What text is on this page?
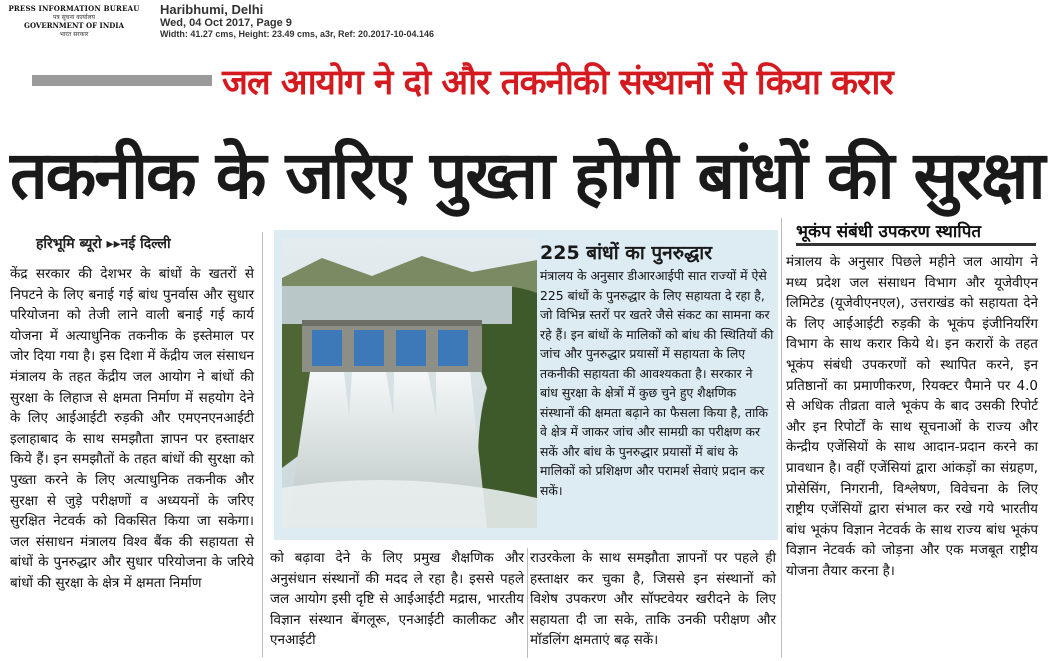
PRESS INFORMATION BUREAU
पत्र सूचना कार्यालय
GOVERNMENT OF INDIA
भारत सरकार
Haribhumi, Delhi
Wed, 04 Oct 2017, Page 9
Width: 41.27 cms, Height: 23.49 cms, a3r, Ref: 20.2017-10-04.146
जल आयोग ने दो और तकनीकी संस्थानों से किया करार
तकनीक के जरिए पुख्ता होगी बांधों की सुरक्षा
हरिभूमि ब्यूरो ▸▸नई दिल्ली
केंद्र सरकार की देशभर के बांधों के खतरों से निपटने के लिए बनाई गई बांध पुनर्वास और सुधार परियोजना को तेजी लाने वाली बनाई गई कार्य योजना में अत्याधुनिक तकनीक के इस्तेमाल पर जोर दिया गया है। इस दिशा में केंद्रीय जल संसाधन मंत्रालय के तहत केंद्रीय जल आयोग ने बांधों की सुरक्षा के लिहाज से क्षमता निर्माण में सहयोग देने के लिए आईआईटी रुड़की और एमएनएनआईटी इलाहाबाद के साथ समझौता ज्ञापन पर हस्ताक्षर किये हैं। इन समझौतों के तहत बांधों की सुरक्षा को पुख्ता करने के लिए अत्याधुनिक तकनीक और सुरक्षा से जुड़े परीक्षणों व अध्ययनों के जरिए सुरक्षित नेटवर्क को विकसित किया जा सकेगा। जल संसाधन मंत्रालय विश्व बैंक की सहायता से बांधों के पुनरुद्धार और सुधार परियोजना के जरिये बांधों की सुरक्षा के क्षेत्र में क्षमता निर्माण
225 बांधों का पुनरुद्धार
मंत्रालय के अनुसार डीआरआईपी सात राज्यों में ऐसे 225 बांधों के पुनरुद्धार के लिए सहायता दे रहा है, जो विभिन्न स्तरों पर खतरे जैसे संकट का सामना कर रहे हैं। इन बांधों के मालिकों को बांध की स्थितियों की जांच और पुनरुद्धार प्रयासों में सहायता के लिए तकनीकी सहायता की आवश्यकता है। सरकार ने बांध सुरक्षा के क्षेत्रों में कुछ चुने हुए शैक्षणिक संस्थानों की क्षमता बढ़ाने का फैसला किया है, ताकि वे क्षेत्र में जाकर जांच और सामग्री का परीक्षण कर सकें और बांध के पुनरुद्धार प्रयासों में बांध के मालिकों को प्रशिक्षण और परामर्श सेवाएं प्रदान कर सकें।
को बढ़ावा देने के लिए प्रमुख शैक्षणिक और अनुसंधान संस्थानों की मदद ले रहा है। इससे पहले जल आयोग इसी दृष्टि से आईआईटी मद्रास, भारतीय विज्ञान संस्थान बेंगलूरू, एनआईटी कालीकट और एनआईटी
राउरकेला के साथ समझौता ज्ञापनों पर पहले ही हस्ताक्षर कर चुका है, जिससे इन संस्थानों को विशेष उपकरण और सॉफ्टवेयर खरीदने के लिए सहायता दी जा सके, ताकि उनकी परीक्षण और मॉडलिंग क्षमताएं बढ़ सकें।
भूकंप संबंधी उपकरण स्थापित
मंत्रालय के अनुसार पिछले महीने जल आयोग ने मध्य प्रदेश जल संसाधन विभाग और यूजेवीएन लिमिटेड (यूजेवीएनएल), उत्तराखंड को सहायता देने के लिए आईआईटी रुड़की के भूकंप इंजीनियरिंग विभाग के साथ करार किये थे। इन करारों के तहत भूकंप संबंधी उपकरणों को स्थापित करने, इन प्रतिष्ठानों का प्रमाणीकरण, रियक्टर पैमाने पर 4.0 से अधिक तीव्रता वाले भूकंप के बाद उसकी रिपोर्ट और इन रिपोर्टों के साथ सूचनाओं के राज्य और केन्द्रीय एजेंसियों के साथ आदान-प्रदान करने का प्रावधान है। वहीं एजेंसियां द्वारा आंकड़ों का संग्रहण, प्रोसेसिंग, निगरानी, विश्लेषण, विवेचना के लिए राष्ट्रीय एजेंसियों द्वारा संभाल कर रखे गये भारतीय बांध भूकंप विज्ञान नेटवर्क के साथ राज्य बांध भूकंप विज्ञान नेटवर्क को जोड़ना और एक मजबूत राष्ट्रीय योजना तैयार करना है।
